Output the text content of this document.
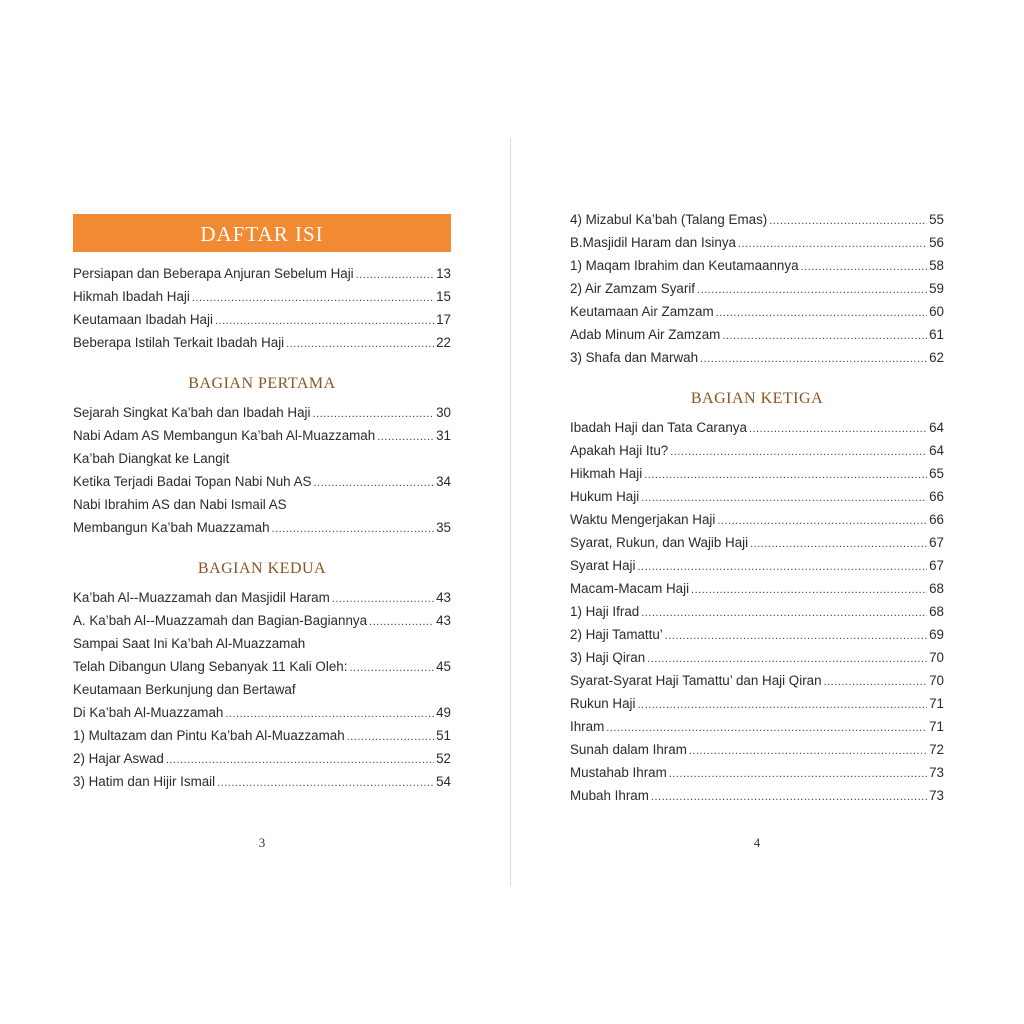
DAFTAR ISI
Persiapan dan Beberapa Anjuran Sebelum Haji .....	13
Hikmah Ibadah Haji .....	15
Keutamaan Ibadah Haji .....	17
Beberapa Istilah Terkait Ibadah Haji .....	22
BAGIAN PERTAMA
Sejarah Singkat Ka’bah dan Ibadah Haji .....	30
Nabi Adam AS Membangun Ka’bah Al-Muazzamah .....	31
Ka’bah Diangkat ke Langit
Ketika Terjadi Badai Topan Nabi Nuh AS .....	34
Nabi Ibrahim AS dan Nabi Ismail AS
Membangun Ka’bah Muazzamah .....	35
BAGIAN KEDUA
Ka’bah Al--Muazzamah dan Masjidil Haram .....	43
A. Ka’bah Al--Muazzamah dan Bagian-Bagiannya .....	43
Sampai Saat Ini Ka’bah Al-Muazzamah
Telah Dibangun Ulang Sebanyak 11 Kali Oleh: .....	45
Keutamaan Berkunjung dan Bertawaf
Di Ka’bah Al-Muazzamah .....	49
1) Multazam dan Pintu Ka’bah Al-Muazzamah .....	51
2) Hajar Aswad .....	52
3) Hatim dan Hijir Ismail .....	54
3
4) Mizabul Ka’bah (Talang Emas) .....	55
B.Masjidil Haram dan Isinya .....	56
1) Maqam Ibrahim dan Keutamaannya .....	58
2) Air Zamzam Syarif .....	59
Keutamaan Air Zamzam .....	60
Adab Minum Air Zamzam .....	61
3) Shafa dan Marwah .....	62
BAGIAN KETIGA
Ibadah Haji dan Tata Caranya .....	64
Apakah Haji Itu? .....	64
Hikmah Haji .....	65
Hukum Haji .....	66
Waktu Mengerjakan Haji .....	66
Syarat, Rukun, dan Wajib Haji .....	67
Syarat Haji .....	67
Macam-Macam Haji .....	68
1) Haji Ifrad .....	68
2) Haji Tamattu’ .....	69
3) Haji Qiran .....	70
Syarat-Syarat Haji Tamattu’ dan Haji Qiran .....	70
Rukun Haji .....	71
Ihram .....	71
Sunah dalam Ihram .....	72
Mustahab Ihram .....	73
Mubah Ihram .....	73
4
